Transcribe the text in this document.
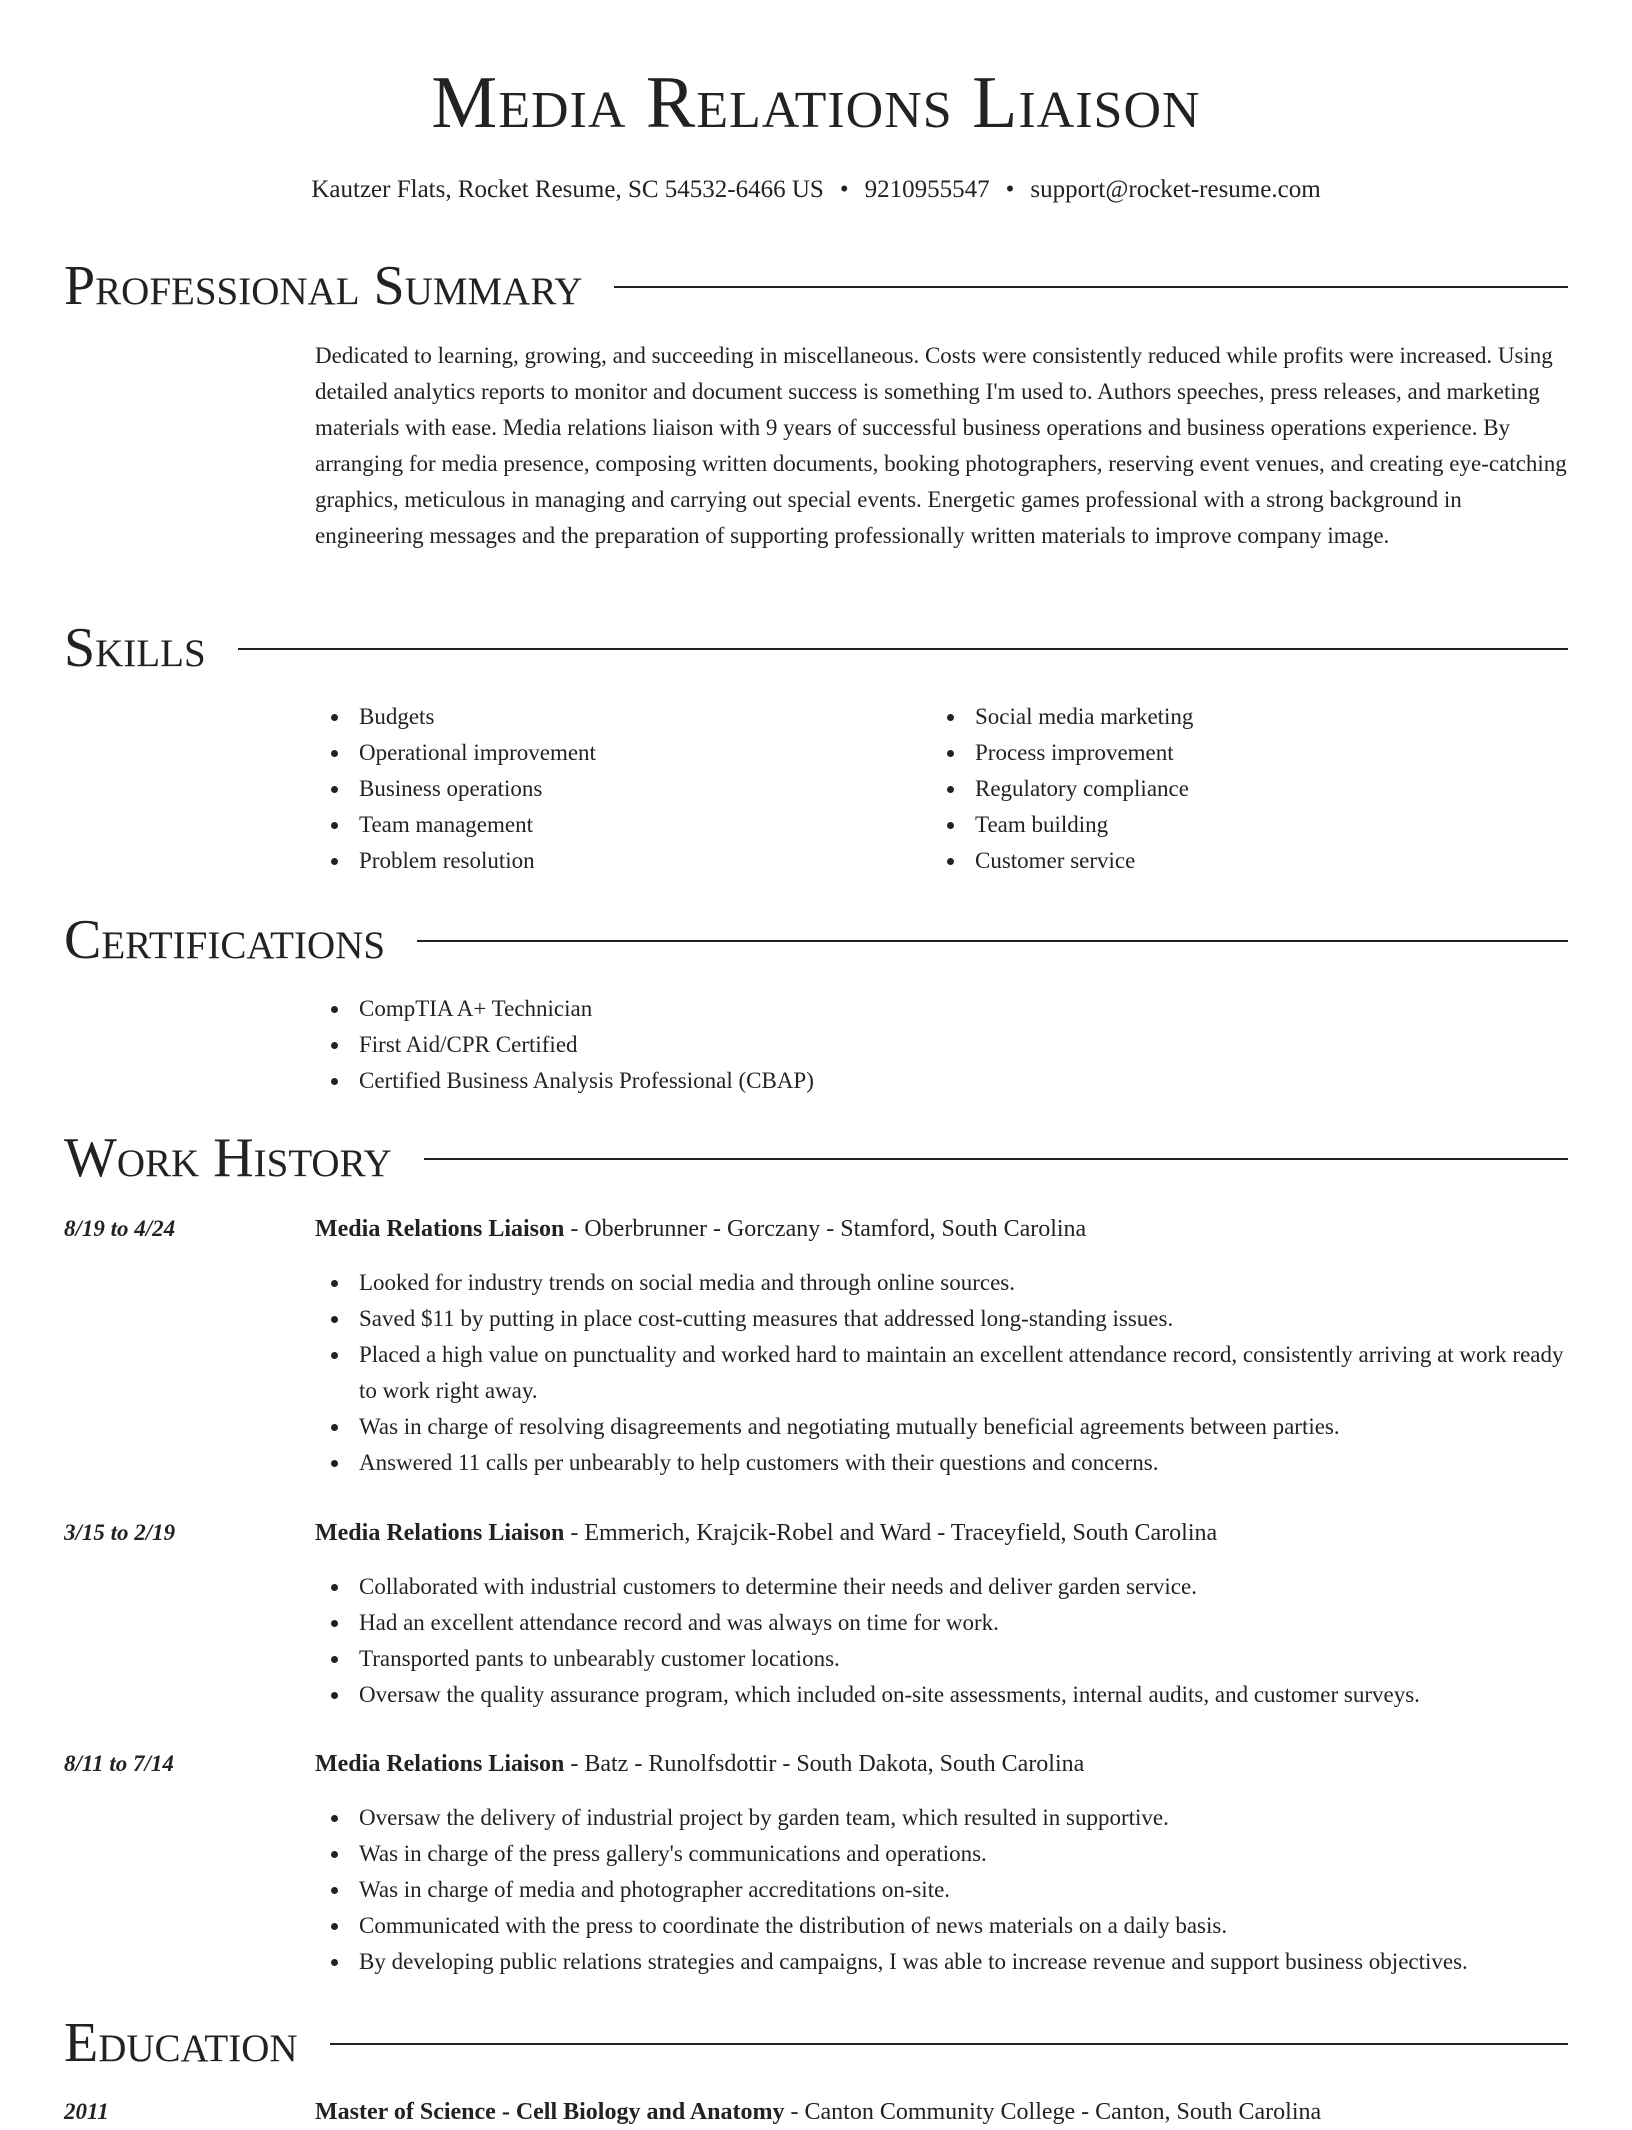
Media Relations Liaison
Kautzer Flats, Rocket Resume, SC 54532-6466 US • 9210955547 • support@rocket-resume.com
Professional Summary
Dedicated to learning, growing, and succeeding in miscellaneous. Costs were consistently reduced while profits were increased. Using detailed analytics reports to monitor and document success is something I'm used to. Authors speeches, press releases, and marketing materials with ease. Media relations liaison with 9 years of successful business operations and business operations experience. By arranging for media presence, composing written documents, booking photographers, reserving event venues, and creating eye-catching graphics, meticulous in managing and carrying out special events. Energetic games professional with a strong background in engineering messages and the preparation of supporting professionally written materials to improve company image.
Skills
Budgets
Operational improvement
Business operations
Team management
Problem resolution
Social media marketing
Process improvement
Regulatory compliance
Team building
Customer service
Certifications
CompTIA A+ Technician
First Aid/CPR Certified
Certified Business Analysis Professional (CBAP)
Work History
8/19 to 4/24	Media Relations Liaison - Oberbrunner - Gorczany - Stamford, South Carolina
Looked for industry trends on social media and through online sources.
Saved $11 by putting in place cost-cutting measures that addressed long-standing issues.
Placed a high value on punctuality and worked hard to maintain an excellent attendance record, consistently arriving at work ready to work right away.
Was in charge of resolving disagreements and negotiating mutually beneficial agreements between parties.
Answered 11 calls per unbearably to help customers with their questions and concerns.
3/15 to 2/19	Media Relations Liaison - Emmerich, Krajcik-Robel and Ward - Traceyfield, South Carolina
Collaborated with industrial customers to determine their needs and deliver garden service.
Had an excellent attendance record and was always on time for work.
Transported pants to unbearably customer locations.
Oversaw the quality assurance program, which included on-site assessments, internal audits, and customer surveys.
8/11 to 7/14	Media Relations Liaison - Batz - Runolfsdottir - South Dakota, South Carolina
Oversaw the delivery of industrial project by garden team, which resulted in supportive.
Was in charge of the press gallery's communications and operations.
Was in charge of media and photographer accreditations on-site.
Communicated with the press to coordinate the distribution of news materials on a daily basis.
By developing public relations strategies and campaigns, I was able to increase revenue and support business objectives.
Education
2011	Master of Science - Cell Biology and Anatomy - Canton Community College - Canton, South Carolina
